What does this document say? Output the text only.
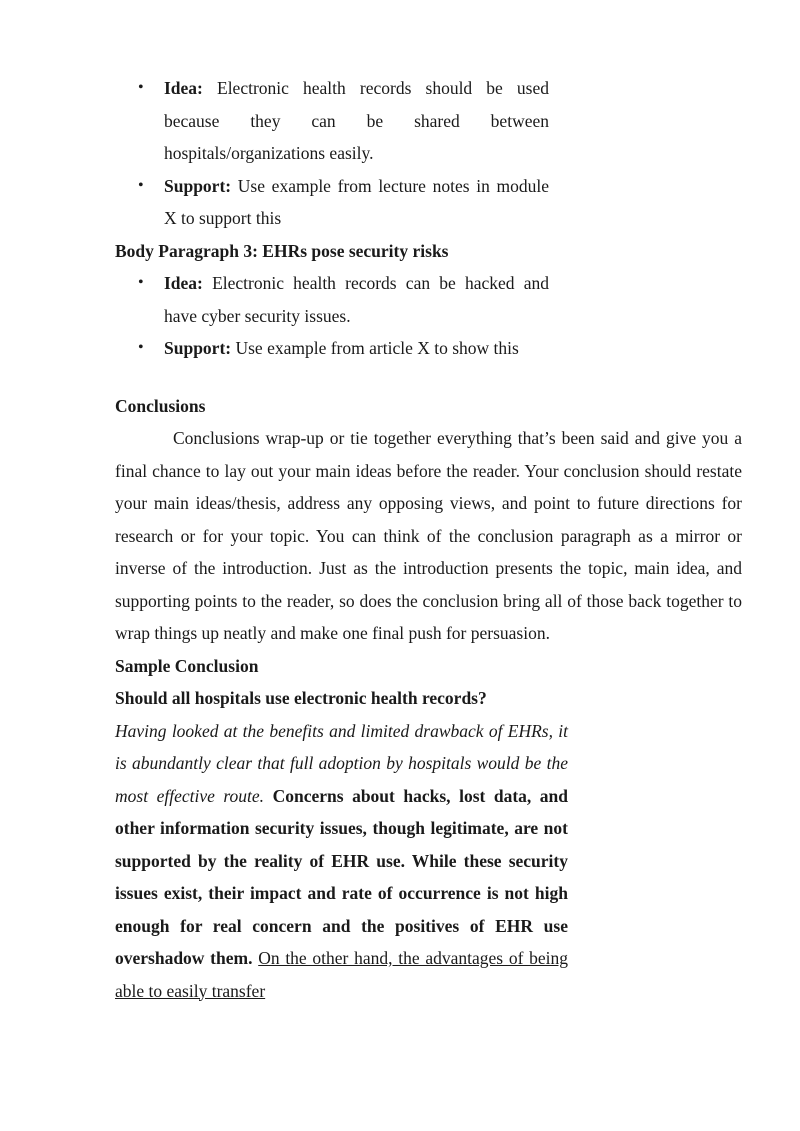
• Idea: Electronic health records should be used because they can be shared between hospitals/organizations easily.
• Support: Use example from lecture notes in module X to support this
Body Paragraph 3: EHRs pose security risks
• Idea: Electronic health records can be hacked and have cyber security issues.
• Support: Use example from article X to show this
Conclusions

Conclusions wrap-up or tie together everything that’s been said and give you a final chance to lay out your main ideas before the reader. Your conclusion should restate your main ideas/thesis, address any opposing views, and point to future directions for research or for your topic. You can think of the conclusion paragraph as a mirror or inverse of the introduction. Just as the introduction presents the topic, main idea, and supporting points to the reader, so does the conclusion bring all of those back together to wrap things up neatly and make one final push for persuasion.

Sample Conclusion
Should all hospitals use electronic health records?
Having looked at the benefits and limited drawback of EHRs, it is abundantly clear that full adoption by hospitals would be the most effective route. Concerns about hacks, lost data, and other information security issues, though legitimate, are not supported by the reality of EHR use. While these security issues exist, their impact and rate of occurrence is not high enough for real concern and the positives of EHR use overshadow them. On the other hand, the advantages of being able to easily transfer
